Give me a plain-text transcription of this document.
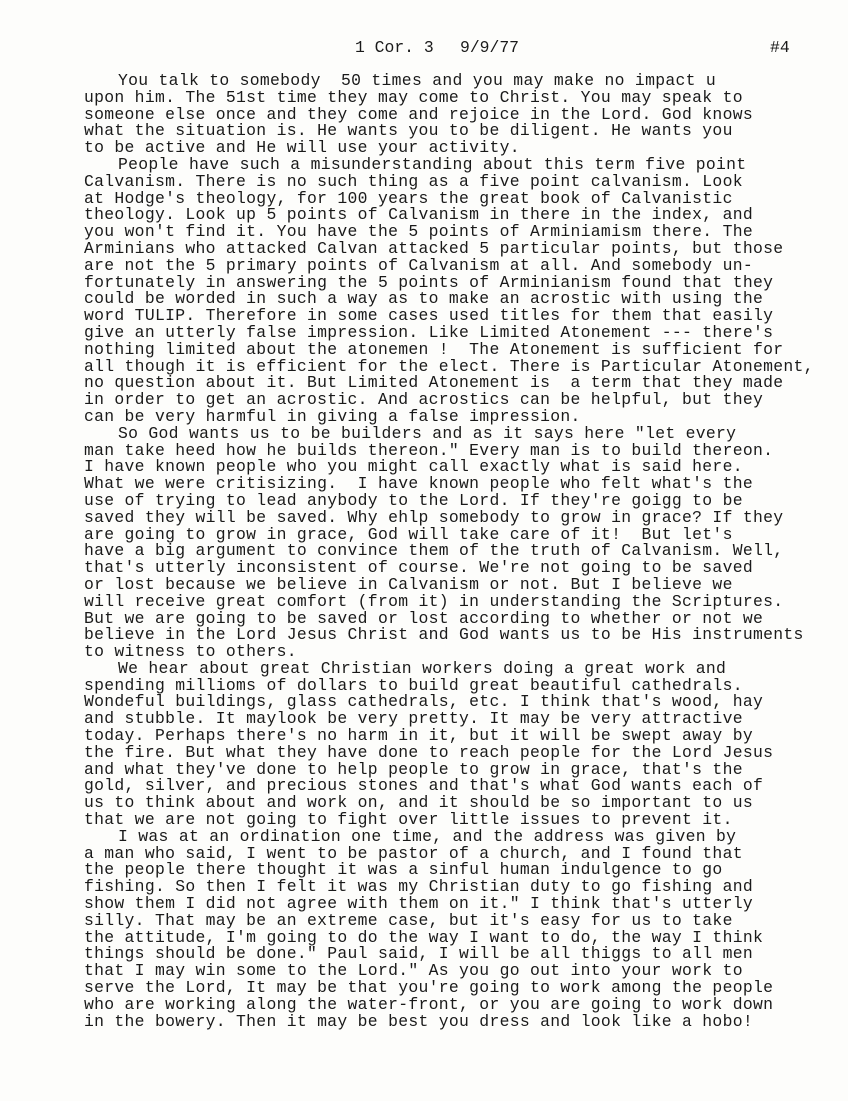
1 Cor. 3 9/9/77	#4
You talk to somebody  50 times and you may make no impact u
upon him. The 51st time they may come to Christ. You may speak to
someone else once and they come and rejoice in the Lord. God knows
what the situation is. He wants you to be diligent. He wants you
to be active and He will use your activity.
People have such a misunderstanding about this term five point
Calvanism. There is no such thing as a five point calvanism. Look
at Hodge's theology, for 100 years the great book of Calvanistic
theology. Look up 5 points of Calvanism in there in the index, and
you won't find it. You have the 5 points of Arminiamism there. The
Arminians who attacked Calvan attacked 5 particular points, but those
are not the 5 primary points of Calvanism at all. And somebody un-
fortunately in answering the 5 points of Arminianism found that they
could be worded in such a way as to make an acrostic with using the
word TULIP. Therefore in some cases used titles for them that easily
give an utterly false impression. Like Limited Atonement --- there's
nothing limited about the atonemen !  The Atonement is sufficient for
all though it is efficient for the elect. There is Particular Atonement,
no question about it. But Limited Atonement is  a term that they made
in order to get an acrostic. And acrostics can be helpful, but they
can be very harmful in giving a false impression.
So God wants us to be builders and as it says here "let every
man take heed how he builds thereon." Every man is to build thereon.
I have known people who you might call exactly what is said here.
What we were critisizing.  I have known people who felt what's the
use of trying to lead anybody to the Lord. If they're goigg to be
saved they will be saved. Why ehlp somebody to grow in grace? If they
are going to grow in grace, God will take care of it!  But let's
have a big argument to convince them of the truth of Calvanism. Well,
that's utterly inconsistent of course. We're not going to be saved
or lost because we believe in Calvanism or not. But I believe we
will receive great comfort (from it) in understanding the Scriptures.
But we are going to be saved or lost according to whether or not we
believe in the Lord Jesus Christ and God wants us to be His instruments
to witness to others.
We hear about great Christian workers doing a great work and
spending millioms of dollars to build great beautiful cathedrals.
Wondeful buildings, glass cathedrals, etc. I think that's wood, hay
and stubble. It maylook be very pretty. It may be very attractive
today. Perhaps there's no harm in it, but it will be swept away by
the fire. But what they have done to reach people for the Lord Jesus
and what they've done to help people to grow in grace, that's the
gold, silver, and precious stones and that's what God wants each of
us to think about and work on, and it should be so important to us
that we are not going to fight over little issues to prevent it.
I was at an ordination one time, and the address was given by
a man who said, I went to be pastor of a church, and I found that
the people there thought it was a sinful human indulgence to go
fishing. So then I felt it was my Christian duty to go fishing and
show them I did not agree with them on it." I think that's utterly
silly. That may be an extreme case, but it's easy for us to take
the attitude, I'm going to do the way I want to do, the way I think
things should be done." Paul said, I will be all thiggs to all men
that I may win some to the Lord." As you go out into your work to
serve the Lord, It may be that you're going to work among the people
who are working along the water-front, or you are going to work down
in the bowery. Then it may be best you dress and look like a hobo!
